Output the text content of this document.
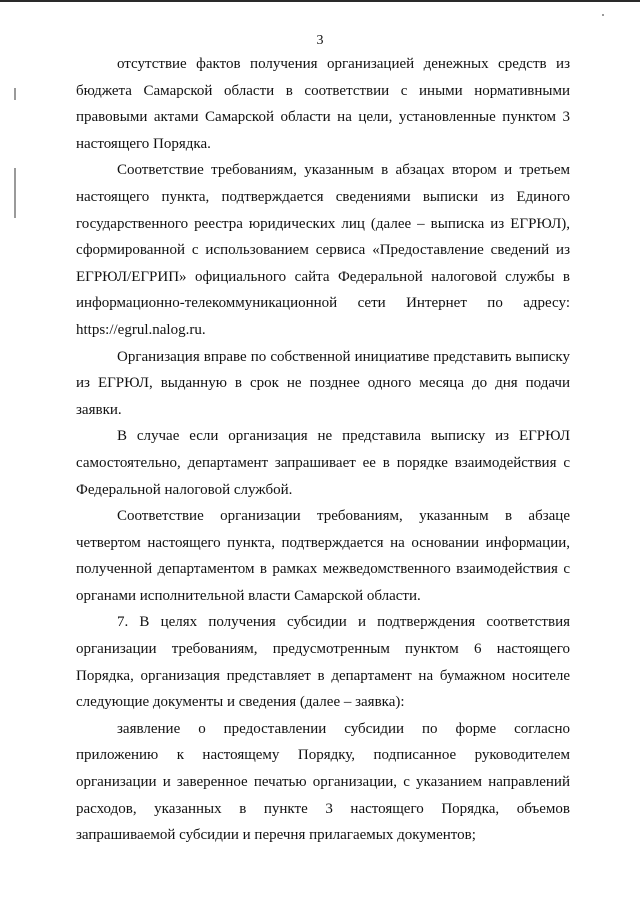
3

отсутствие фактов получения организацией денежных средств из бюджета Самарской области в соответствии с иными нормативными правовыми актами Самарской области на цели, установленные пунктом 3 настоящего Порядка.

Соответствие требованиям, указанным в абзацах втором и третьем настоящего пункта, подтверждается сведениями выписки из Единого государственного реестра юридических лиц (далее – выписка из ЕГРЮЛ), сформированной с использованием сервиса «Предоставление сведений из ЕГРЮЛ/ЕГРИП» официального сайта Федеральной налоговой службы в информационно-телекоммуникационной сети Интернет по адресу: https://egrul.nalog.ru.

Организация вправе по собственной инициативе представить выписку из ЕГРЮЛ, выданную в срок не позднее одного месяца до дня подачи заявки.

В случае если организация не представила выписку из ЕГРЮЛ самостоятельно, департамент запрашивает ее в порядке взаимодействия с Федеральной налоговой службой.

Соответствие организации требованиям, указанным в абзаце четвертом настоящего пункта, подтверждается на основании информации, полученной департаментом в рамках межведомственного взаимодействия с органами исполнительной власти Самарской области.

7. В целях получения субсидии и подтверждения соответствия организации требованиям, предусмотренным пунктом 6 настоящего Порядка, организация представляет в департамент на бумажном носителе следующие документы и сведения (далее – заявка):

заявление о предоставлении субсидии по форме согласно приложению к настоящему Порядку, подписанное руководителем организации и заверенное печатью организации, с указанием направлений расходов, указанных в пункте 3 настоящего Порядка, объемов запрашиваемой субсидии и перечня прилагаемых документов;
